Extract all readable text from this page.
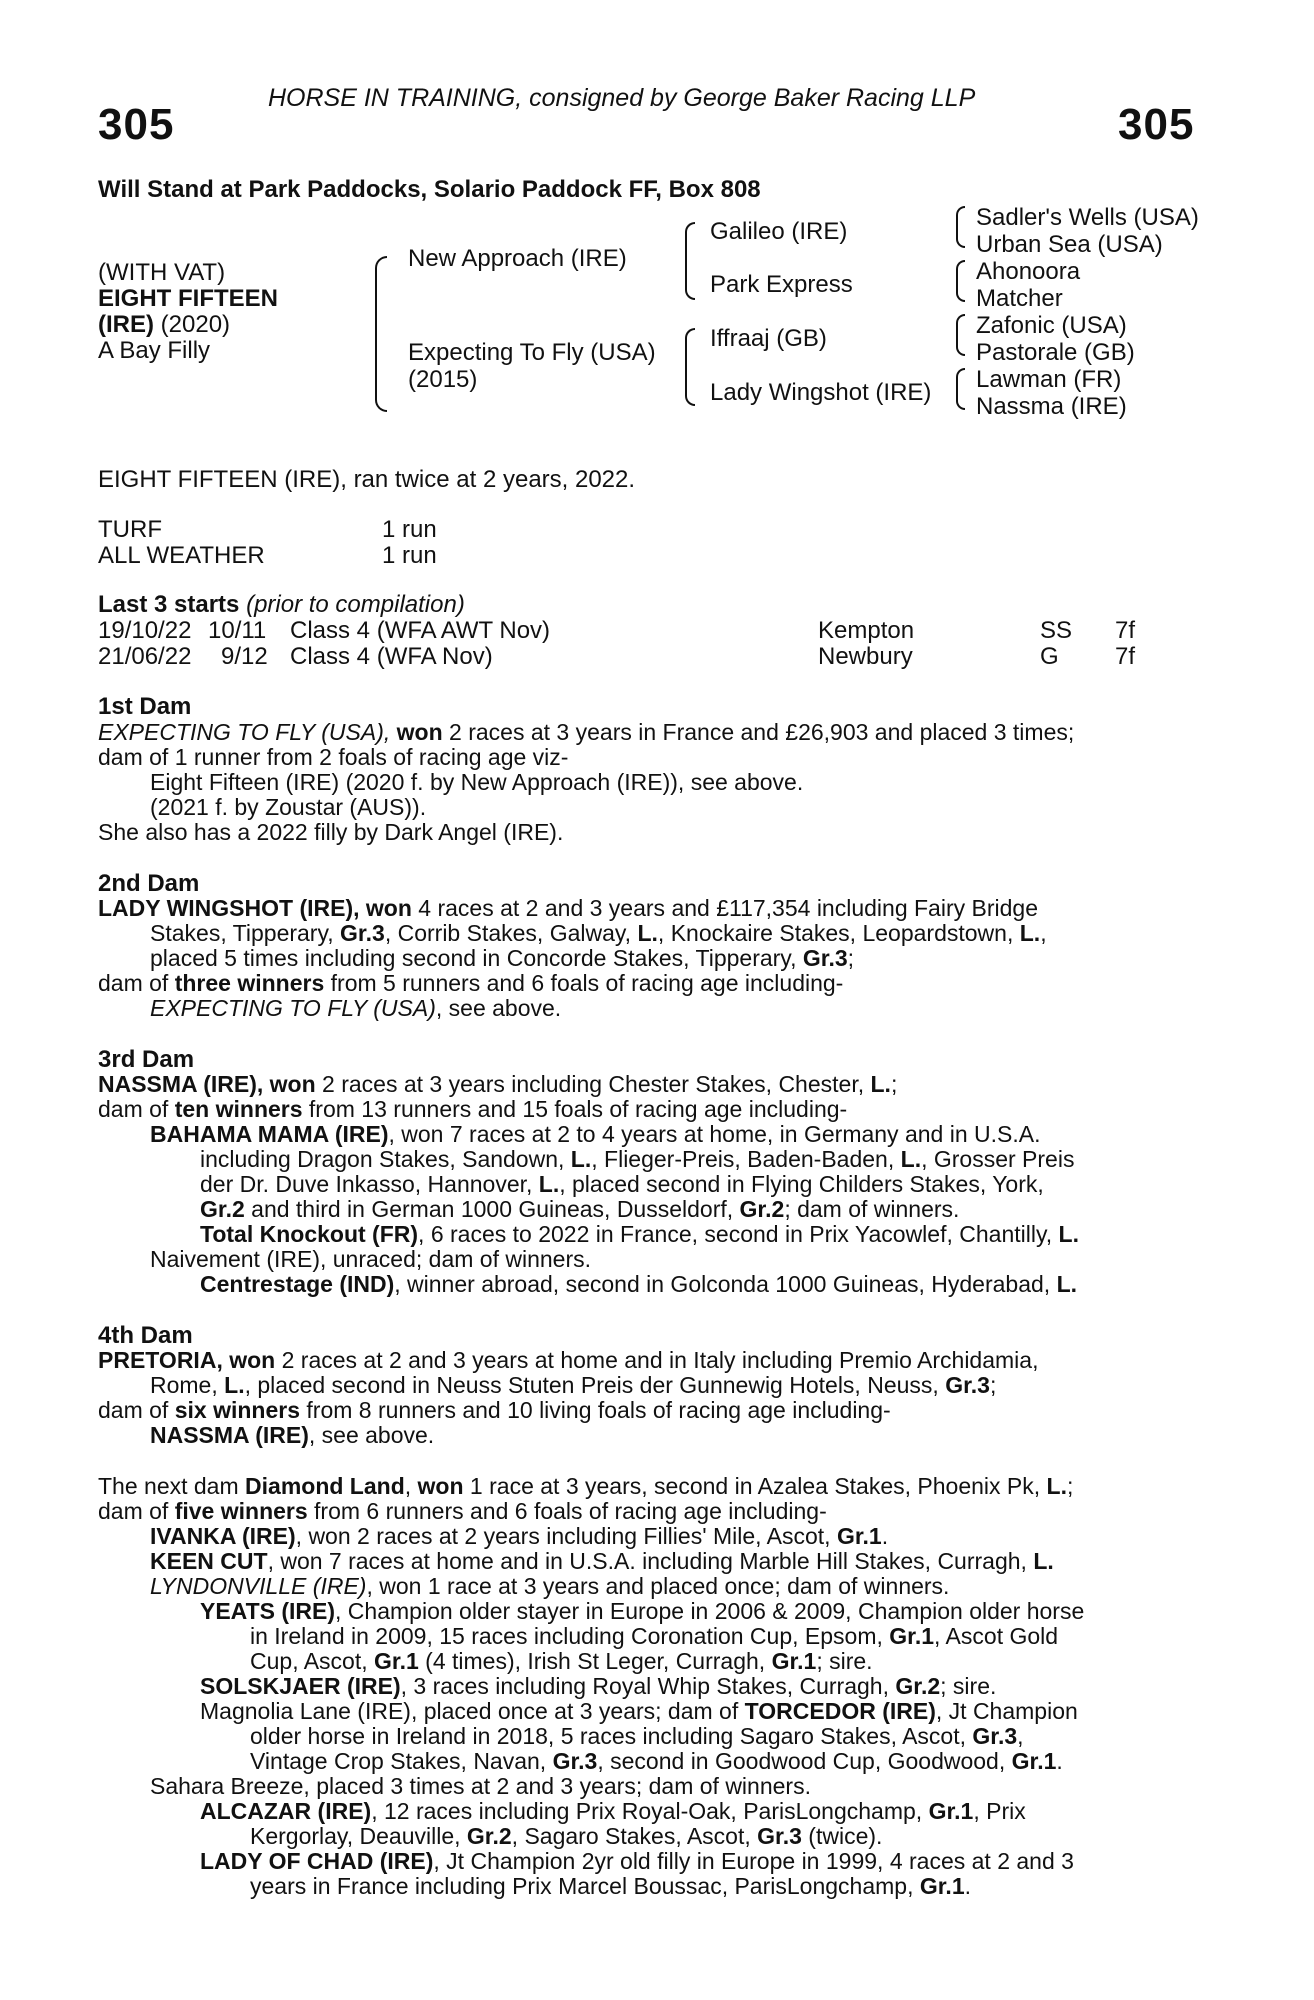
HORSE IN TRAINING, consigned by George Baker Racing LLP
305	305
Will Stand at Park Paddocks, Solario Paddock FF, Box 808
(WITH VAT)
EIGHT FIFTEEN
(IRE) (2020)
A Bay Filly
New Approach (IRE)
Expecting To Fly (USA)
(2015)
Galileo (IRE)
Park Express
Iffraaj (GB)
Lady Wingshot (IRE)
Sadler's Wells (USA)
Urban Sea (USA)
Ahonoora
Matcher
Zafonic (USA)
Pastorale (GB)
Lawman (FR)
Nassma (IRE)
EIGHT FIFTEEN (IRE), ran twice at 2 years, 2022.
TURF	1 run
ALL WEATHER	1 run
Last 3 starts (prior to compilation)
19/10/22 10/11 Class 4 (WFA AWT Nov)	Kempton	SS 7f
21/06/22 9/12 Class 4 (WFA Nov)	Newbury	G 7f
1st Dam
EXPECTING TO FLY (USA), won 2 races at 3 years in France and £26,903 and placed 3 times;
dam of 1 runner from 2 foals of racing age viz-
Eight Fifteen (IRE) (2020 f. by New Approach (IRE)), see above.
(2021 f. by Zoustar (AUS)).
She also has a 2022 filly by Dark Angel (IRE).
2nd Dam
LADY WINGSHOT (IRE), won 4 races at 2 and 3 years and £117,354 including Fairy Bridge
Stakes, Tipperary, Gr.3, Corrib Stakes, Galway, L., Knockaire Stakes, Leopardstown, L.,
placed 5 times including second in Concorde Stakes, Tipperary, Gr.3;
dam of three winners from 5 runners and 6 foals of racing age including-
EXPECTING TO FLY (USA), see above.
3rd Dam
NASSMA (IRE), won 2 races at 3 years including Chester Stakes, Chester, L.;
dam of ten winners from 13 runners and 15 foals of racing age including-
BAHAMA MAMA (IRE), won 7 races at 2 to 4 years at home, in Germany and in U.S.A.
including Dragon Stakes, Sandown, L., Flieger-Preis, Baden-Baden, L., Grosser Preis
der Dr. Duve Inkasso, Hannover, L., placed second in Flying Childers Stakes, York,
Gr.2 and third in German 1000 Guineas, Dusseldorf, Gr.2; dam of winners.
Total Knockout (FR), 6 races to 2022 in France, second in Prix Yacowlef, Chantilly, L.
Naivement (IRE), unraced; dam of winners.
Centrestage (IND), winner abroad, second in Golconda 1000 Guineas, Hyderabad, L.
4th Dam
PRETORIA, won 2 races at 2 and 3 years at home and in Italy including Premio Archidamia,
Rome, L., placed second in Neuss Stuten Preis der Gunnewig Hotels, Neuss, Gr.3;
dam of six winners from 8 runners and 10 living foals of racing age including-
NASSMA (IRE), see above.
The next dam Diamond Land, won 1 race at 3 years, second in Azalea Stakes, Phoenix Pk, L.;
dam of five winners from 6 runners and 6 foals of racing age including-
IVANKA (IRE), won 2 races at 2 years including Fillies' Mile, Ascot, Gr.1.
KEEN CUT, won 7 races at home and in U.S.A. including Marble Hill Stakes, Curragh, L.
LYNDONVILLE (IRE), won 1 race at 3 years and placed once; dam of winners.
YEATS (IRE), Champion older stayer in Europe in 2006 & 2009, Champion older horse
in Ireland in 2009, 15 races including Coronation Cup, Epsom, Gr.1, Ascot Gold
Cup, Ascot, Gr.1 (4 times), Irish St Leger, Curragh, Gr.1; sire.
SOLSKJAER (IRE), 3 races including Royal Whip Stakes, Curragh, Gr.2; sire.
Magnolia Lane (IRE), placed once at 3 years; dam of TORCEDOR (IRE), Jt Champion
older horse in Ireland in 2018, 5 races including Sagaro Stakes, Ascot, Gr.3,
Vintage Crop Stakes, Navan, Gr.3, second in Goodwood Cup, Goodwood, Gr.1.
Sahara Breeze, placed 3 times at 2 and 3 years; dam of winners.
ALCAZAR (IRE), 12 races including Prix Royal-Oak, ParisLongchamp, Gr.1, Prix
Kergorlay, Deauville, Gr.2, Sagaro Stakes, Ascot, Gr.3 (twice).
LADY OF CHAD (IRE), Jt Champion 2yr old filly in Europe in 1999, 4 races at 2 and 3
years in France including Prix Marcel Boussac, ParisLongchamp, Gr.1.
